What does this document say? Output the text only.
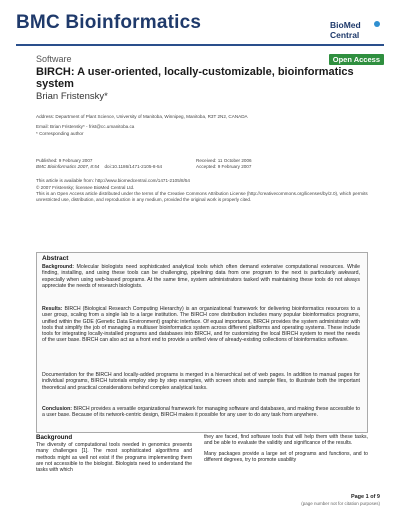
BMC Bioinformatics	BioMed Central
Software	Open Access
BIRCH: A user-oriented, locally-customizable, bioinformatics system
Brian Fristensky*
Address: Department of Plant Science, University of Manitoba, Winnipeg, Manitoba, R3T 2N2, CANADA
Email: Brian Fristensky* - frist@cc.umanitoba.ca
* Corresponding author
Published: 9 February 2007
BMC Bioinformatics 2007, 8:54 doi:10.1186/1471-2105-8-54
Received: 11 October 2006
Accepted: 9 February 2007
This article is available from: http://www.biomedcentral.com/1471-2105/8/54
© 2007 Fristensky; licensee BioMed Central Ltd.
This is an Open Access article distributed under the terms of the Creative Commons Attribution License (http://creativecommons.org/licenses/by/2.0), which permits unrestricted use, distribution, and reproduction in any medium, provided the original work is properly cited.
Abstract
Background: Molecular biologists need sophisticated analytical tools which often demand extensive computational resources. While finding, installing, and using these tools can be challenging, pipelining data from one program to the next is particularly awkward, especially when using web-based programs. At the same time, system administrators tasked with maintaining these tools do not always appreciate the needs of research biologists.
Results: BIRCH (Biological Research Computing Hierarchy) is an organizational framework for delivering bioinformatics resources to a user group, scaling from a single lab to a large institution. The BIRCH core distribution includes many popular bioinformatics programs, unified within the GDE (Genetic Data Environment) graphic interface. Of equal importance, BIRCH provides the system administrator with tools that simplify the job of managing a multiuser bioinformatics system across different platforms and operating systems. These include tools for integrating locally-installed programs and databases into BIRCH, and for customizing the local BIRCH system to meet the needs of the user base. BIRCH can also act as a front end to provide a unified view of already-existing collections of bioinformatics software.
Documentation for the BIRCH and locally-added programs is merged in a hierarchical set of web pages. In addition to manual pages for individual programs, BIRCH tutorials employ step by step examples, with screen shots and sample files, to illustrate both the important theoretical and practical considerations behind complex analytical tasks.
Conclusion: BIRCH provides a versatile organizational framework for managing software and databases, and making these accessible to a user base. Because of its network-centric design, BIRCH makes it possible for any user to do any task from anywhere.
Background

The diversity of computational tools needed in genomics presents many challenges [1]. The most sophisticated algorithms and methods might as well not exist if the programs implementing them are not accessible to the biologist. Biologists need to understand the tasks with which

they are faced, find software tools that will help them with these tasks, and be able to evaluate the validity and significance of the results.

Many packages provide a large set of programs and functions, and to different degrees, try to promote usability

Page 1 of 9
(page number not for citation purposes)
